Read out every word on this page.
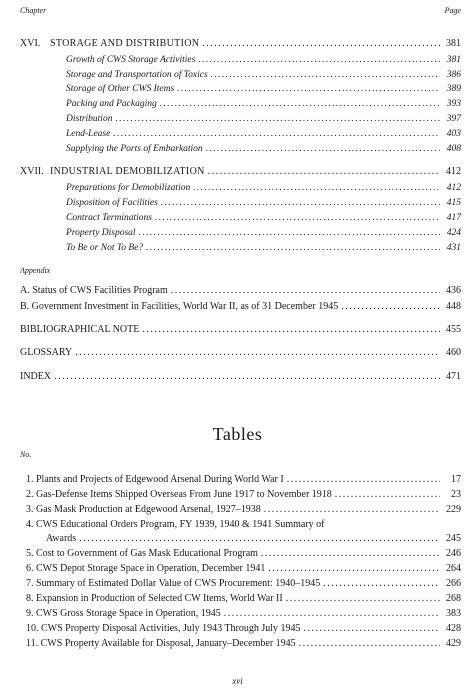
Chapter	Page
XVI. STORAGE AND DISTRIBUTION . . .	381
Growth of CWS Storage Activities . . .	381
Storage and Transportation of Toxics . . .	386
Storage of Other CWS Items . . .	389
Packing and Packaging . . .	393
Distribution . . .	397
Lend-Lease . . .	403
Supplying the Ports of Embarkation . . .	408
XVII. INDUSTRIAL DEMOBILIZATION . . .	412
Preparations for Demobilization . . .	412
Disposition of Facilities . . .	415
Contract Terminations . . .	417
Property Disposal . . .	424
To Be or Not To Be? . . .	431
Appendix
A. Status of CWS Facilities Program . . .	436
B. Government Investment in Facilities, World War II, as of 31 December 1945 . . .	448
BIBLIOGRAPHICAL NOTE . . .	455
GLOSSARY . . .	460
INDEX . . .	471
Tables
No.
1. Plants and Projects of Edgewood Arsenal During World War I . . .	17
2. Gas-Defense Items Shipped Overseas From June 1917 to November 1918 . . .	23
3. Gas Mask Production at Edgewood Arsenal, 1927–1938 . . .	229
4. CWS Educational Orders Program, FY 1939, 1940 & 1941 Summary of
Awards . . .	245
5. Cost to Government of Gas Mask Educational Program . . .	246
6. CWS Depot Storage Space in Operation, December 1941 . . .	264
7. Summary of Estimated Dollar Value of CWS Procurement: 1940–1945 . . .	266
8. Expansion in Production of Selected CW Items, World War II . . .	268
9. CWS Gross Storage Space in Operation, 1945 . . .	383
10. CWS Property Disposal Activities, July 1943 Through July 1945 . . .	428
11. CWS Property Available for Disposal, January–December 1945 . . .	429
xvi
